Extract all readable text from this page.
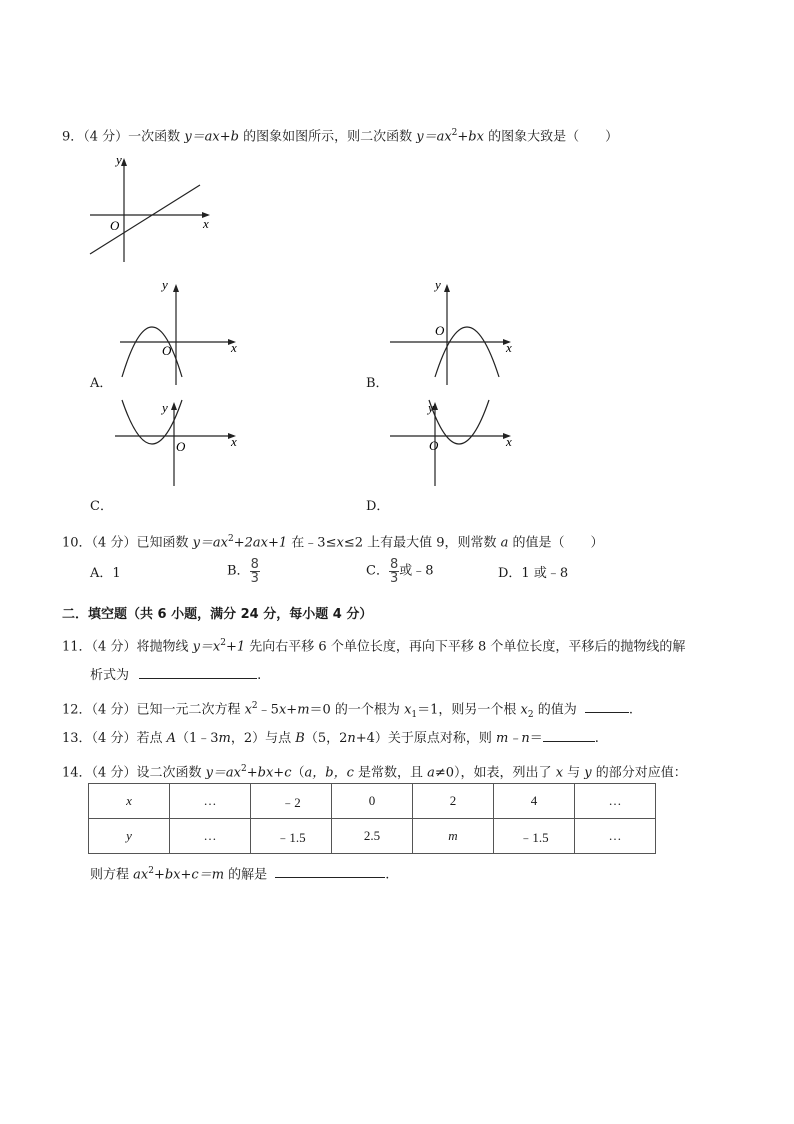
9．（4 分）一次函数 y＝ax+b 的图象如图所示，则二次函数 $y=ax^2+bx$ 的图象大致是（　　）
y
x
O
y
x
O
A．
y
x
O
B．
y
x
O
C．
y
x
O
D．
10．（4 分）已知函数 $y=ax^2+2ax+1$ 在﹣3≤x≤2 上有最大值 9，则常数 a 的值是（　　）
A．1	B． $\frac{8}{3}$	C． $\frac{8}{3}$ 或﹣8	D．1 或﹣8
二．填空题（共 6 小题，满分 24 分，每小题 4 分）
11．（4 分）将抛物线 $y=x^2+1$ 先向右平移 6 个单位长度，再向下平移 8 个单位长度，平移后的抛物线的解
析式为	.
12．（4 分）已知一元二次方程 $x^2﹣5x+m=0$ 的一个根为 $x_1=1$，则另一个根 $x_2$ 的值为	.
13．（4 分）若点 A（1﹣3m，2）与点 B（5，2n+4）关于原点对称，则 m﹣n＝	.
14．（4 分）设二次函数 $y=ax^2+bx+c(a$，b，c 是常数，且 a≠0），如表，列出了 x 与 y 的部分对应值：
x	…	﹣2	0	2	4	…
y	…	﹣1.5	2.5	m	﹣1.5	…
则方程 $ax^2+bx+c=m$ 的解是	.
